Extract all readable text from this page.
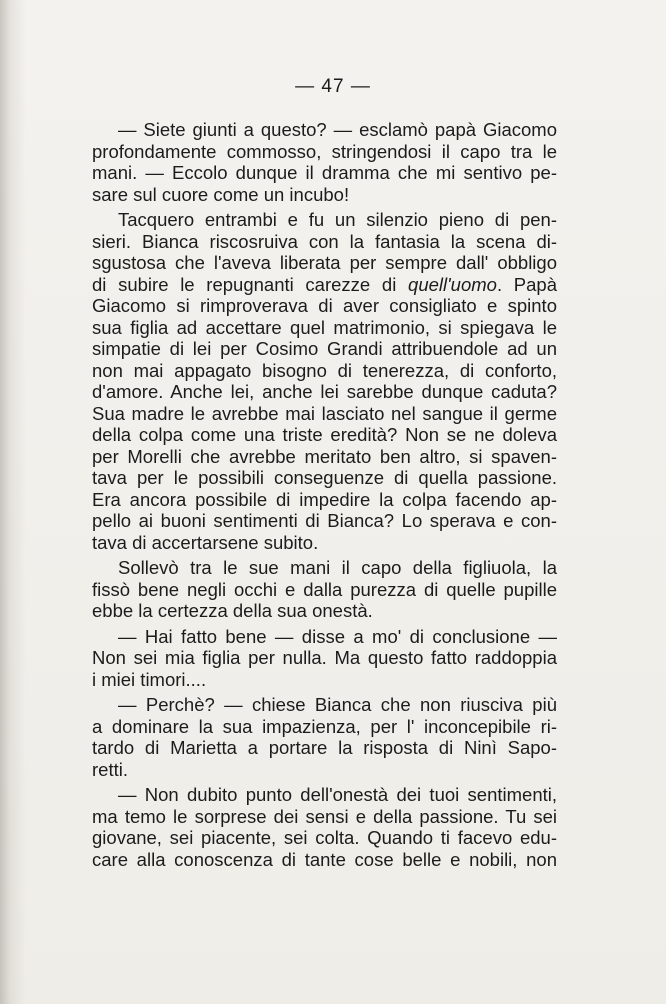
— 47 —
— Siete giunti a questo? — esclamò papà Giacomo
profondamente commosso, stringendosi il capo tra le
mani. — Eccolo dunque il dramma che mi sentivo pe-
sare sul cuore come un incubo!
Tacquero entrambi e fu un silenzio pieno di pen-
sieri. Bianca riscosruiva con la fantasia la scena di-
sgustosa che l'aveva liberata per sempre dall' obbligo
di subire le repugnanti carezze di quell'uomo. Papà
Giacomo si rimproverava di aver consigliato e spinto
sua figlia ad accettare quel matrimonio, si spiegava le
simpatie di lei per Cosimo Grandi attribuendole ad un
non mai appagato bisogno di tenerezza, di conforto,
d'amore. Anche lei, anche lei sarebbe dunque caduta?
Sua madre le avrebbe mai lasciato nel sangue il germe
della colpa come una triste eredità? Non se ne doleva
per Morelli che avrebbe meritato ben altro, si spaven-
tava per le possibili conseguenze di quella passione.
Era ancora possibile di impedire la colpa facendo ap-
pello ai buoni sentimenti di Bianca? Lo sperava e con-
tava di accertarsene subito.
Sollevò tra le sue mani il capo della figliuola, la
fissò bene negli occhi e dalla purezza di quelle pupille
ebbe la certezza della sua onestà.
— Hai fatto bene — disse a mo' di conclusione —
Non sei mia figlia per nulla. Ma questo fatto raddoppia
i miei timori....
— Perchè? — chiese Bianca che non riusciva più
a dominare la sua impazienza, per l' inconcepibile ri-
tardo di Marietta a portare la risposta di Ninì Sapo-
retti.
— Non dubito punto dell'onestà dei tuoi sentimenti,
ma temo le sorprese dei sensi e della passione. Tu sei
giovane, sei piacente, sei colta. Quando ti facevo edu-
care alla conoscenza di tante cose belle e nobili, non
